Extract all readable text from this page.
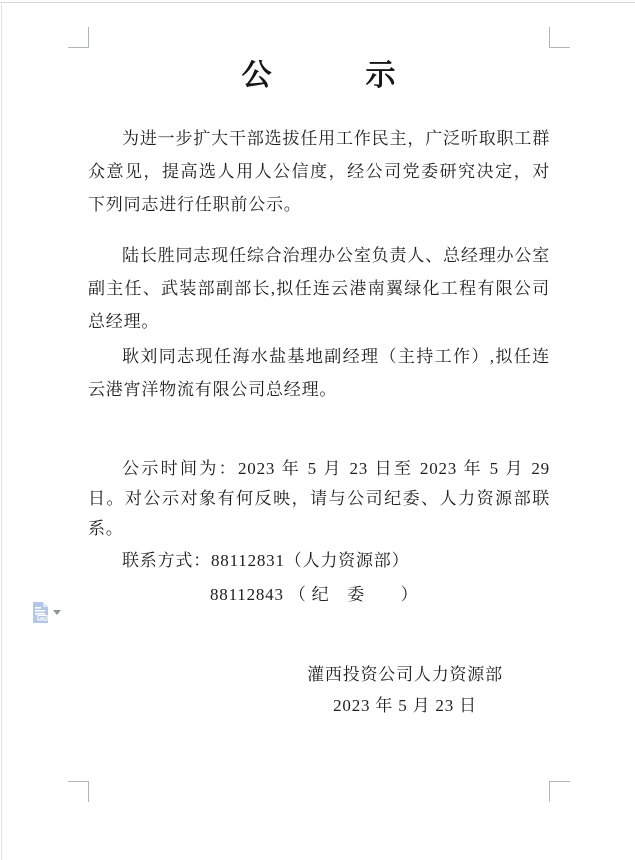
公　　　示

为进一步扩大干部选拔任用工作民主，广泛听取职工群众意见，提高选人用人公信度，经公司党委研究决定，对下列同志进行任职前公示。

陆长胜同志现任综合治理办公室负责人、总经理办公室副主任、武装部副部长,拟任连云港南翼绿化工程有限公司总经理。

耿刘同志现任海水盐基地副经理（主持工作）,拟任连云港宵洋物流有限公司总经理。

公示时间为：2023 年 5 月 23 日至 2023 年 5 月 29 日。对公示对象有何反映，请与公司纪委、人力资源部联系。

联系方式：88112831（人力资源部）

88112843 （ 纪　委　　）

灌西投资公司人力资源部
2023 年 5 月 23 日
